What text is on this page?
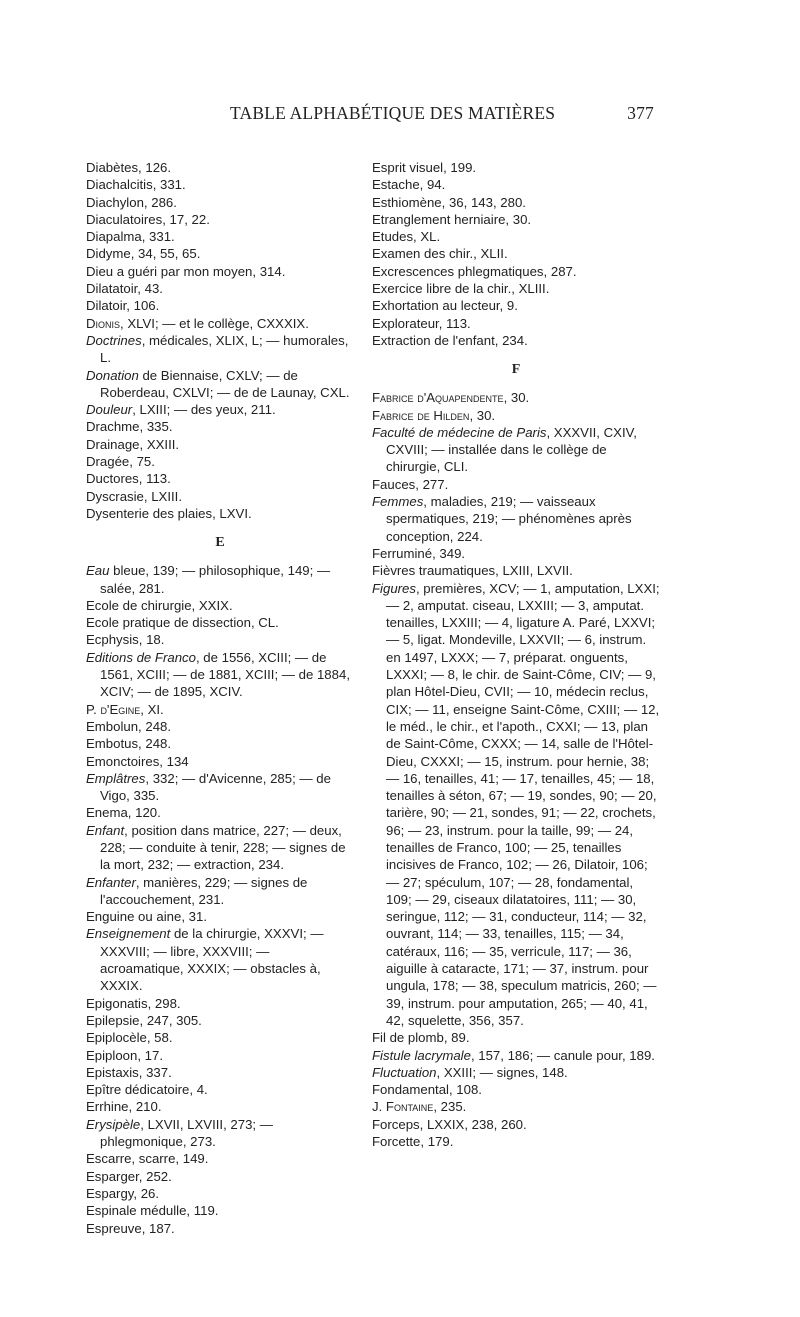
TABLE ALPHABÉTIQUE DES MATIÈRES	377
Diabètes, 126.
Diachalcitis, 331.
Diachylon, 286.
Diaculatoires, 17, 22.
Diapalma, 331.
Didyme, 34, 55, 65.
Dieu a guéri par mon moyen, 314.
Dilatatoir, 43.
Dilatoir, 106.
Dionis, XLVI; — et le collège, CXXXIX.
Doctrines, médicales, XLIX, L; — humorales, L.
Donation de Biennaise, CXLV; — de Roberdeau, CXLVI; — de de Launay, CXL.
Douleur, LXIII; — des yeux, 211.
Drachme, 335.
Drainage, XXIII.
Dragée, 75.
Ductores, 113.
Dyscrasie, LXIII.
Dysenterie des plaies, LXVI.
E
Eau bleue, 139; — philosophique, 149; — salée, 281.
Ecole de chirurgie, XXIX.
Ecole pratique de dissection, CL.
Ecphysis, 18.
Editions de Franco, de 1556, XCIII; — de 1561, XCIII; — de 1881, XCIII; — de 1884, XCIV; — de 1895, XCIV.
P. d'Egine, XI.
Embolun, 248.
Embotus, 248.
Emonctoires, 134
Emplâtres, 332; — d'Avicenne, 285; — de Vigo, 335.
Enema, 120.
Enfant, position dans matrice, 227; — deux, 228; — conduite à tenir, 228; — signes de la mort, 232; — extraction, 234.
Enfanter, manières, 229; — signes de l'accouchement, 231.
Enguine ou aine, 31.
Enseignement de la chirurgie, XXXVI; — XXXVIII; — libre, XXXVIII; — acroamatique, XXXIX; — obstacles à, XXXIX.
Epigonatis, 298.
Epilepsie, 247, 305.
Epiplocèle, 58.
Epiploon, 17.
Epistaxis, 337.
Epître dédicatoire, 4.
Errhine, 210.
Erysipèle, LXVII, LXVIII, 273; — phlegmonique, 273.
Escarre, scarre, 149.
Esparger, 252.
Espargy, 26.
Espinale médulle, 119.
Espreuve, 187.
Esprit visuel, 199.
Estache, 94.
Esthiomène, 36, 143, 280.
Etranglement herniaire, 30.
Etudes, XL.
Examen des chir., XLII.
Excrescences phlegmatiques, 287.
Exercice libre de la chir., XLIII.
Exhortation au lecteur, 9.
Explorateur, 113.
Extraction de l'enfant, 234.
F
Fabrice d'Aquapendente, 30.
Fabrice de Hilden, 30.
Faculté de médecine de Paris, XXXVII, CXIV, CXVIII; — installée dans le collège de chirurgie, CLI.
Fauces, 277.
Femmes, maladies, 219; — vaisseaux spermatiques, 219; — phénomènes après conception, 224.
Ferruminé, 349.
Fièvres traumatiques, LXIII, LXVII.
Figures, premières, XCV; — 1, amputation, LXXI; — 2, amputat. ciseau, LXXIII; — 3, amputat. tenailles, LXXIII; — 4, ligature A. Paré, LXXVI; — 5, ligat. Mondeville, LXXVII; — 6, instrum. en 1497, LXXX; — 7, préparat. onguents, LXXXI; — 8, le chir. de Saint-Côme, CIV; — 9, plan Hôtel-Dieu, CVII; — 10, médecin reclus, CIX; — 11, enseigne Saint-Côme, CXIII; — 12, le méd., le chir., et l'apoth., CXXI; — 13, plan de Saint-Côme, CXXX; — 14, salle de l'Hôtel-Dieu, CXXXI; — 15, instrum. pour hernie, 38; — 16, tenailles, 41; — 17, tenailles, 45; — 18, tenailles à séton, 67; — 19, sondes, 90; — 20, tarière, 90; — 21, sondes, 91; — 22, crochets, 96; — 23, instrum. pour la taille, 99; — 24, tenailles de Franco, 100; — 25, tenailles incisives de Franco, 102; — 26, Dilatoir, 106; — 27; spéculum, 107; — 28, fondamental, 109; — 29, ciseaux dilatatoires, 111; — 30, seringue, 112; — 31, conducteur, 114; — 32, ouvrant, 114; — 33, tenailles, 115; — 34, catéraux, 116; — 35, verricule, 117; — 36, aiguille à cataracte, 171; — 37, instrum. pour ungula, 178; — 38, speculum matricis, 260; — 39, instrum. pour amputation, 265; — 40, 41, 42, squelette, 356, 357.
Fil de plomb, 89.
Fistule lacrymale, 157, 186; — canule pour, 189.
Fluctuation, XXIII; — signes, 148.
Fondamental, 108.
J. Fontaine, 235.
Forceps, LXXIX, 238, 260.
Forcette, 179.
